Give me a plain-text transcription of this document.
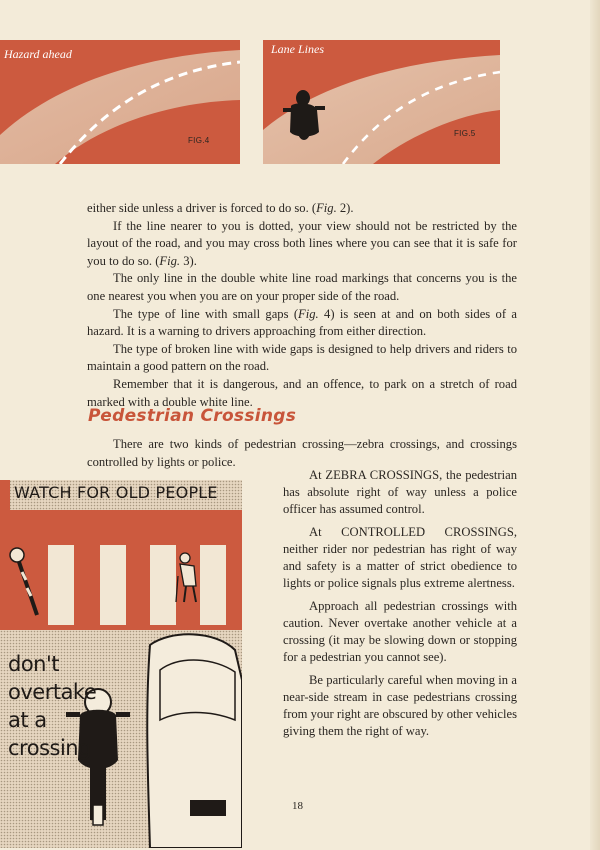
Hazard ahead
FIG.4
Lane Lines
FIG.5

either side unless a driver is forced to do so. (Fig. 2).

If the line nearer to you is dotted, your view should not be restricted by the layout of the road, and you may cross both lines where you can see that it is safe for you to do so. (Fig. 3).

The only line in the double white line road markings that concerns you is the one nearest you when you are on your proper side of the road.

The type of line with small gaps (Fig. 4) is seen at and on both sides of a hazard. It is a warning to drivers approaching from either direction.

The type of broken line with wide gaps is designed to help drivers and riders to maintain a good pattern on the road.

Remember that it is dangerous, and an offence, to park on a stretch of road marked with a double white line.

Pedestrian Crossings

There are two kinds of pedestrian crossing—zebra crossings, and crossings controlled by lights or police.

WATCH FOR OLD PEOPLE
don't
overtake
at a
crossing

At ZEBRA CROSSINGS, the pedestrian has absolute right of way unless a police officer has assumed control.

At CONTROLLED CROSSINGS, neither rider nor pedestrian has right of way and safety is a matter of strict obedience to lights or police signals plus extreme alertness.

Approach all pedestrian crossings with caution. Never overtake another vehicle at a crossing (it may be slowing down or stopping for a pedestrian you cannot see).

Be particularly careful when moving in a near-side stream in case pedestrians crossing from your right are obscured by other vehicles giving them the right of way.

18
